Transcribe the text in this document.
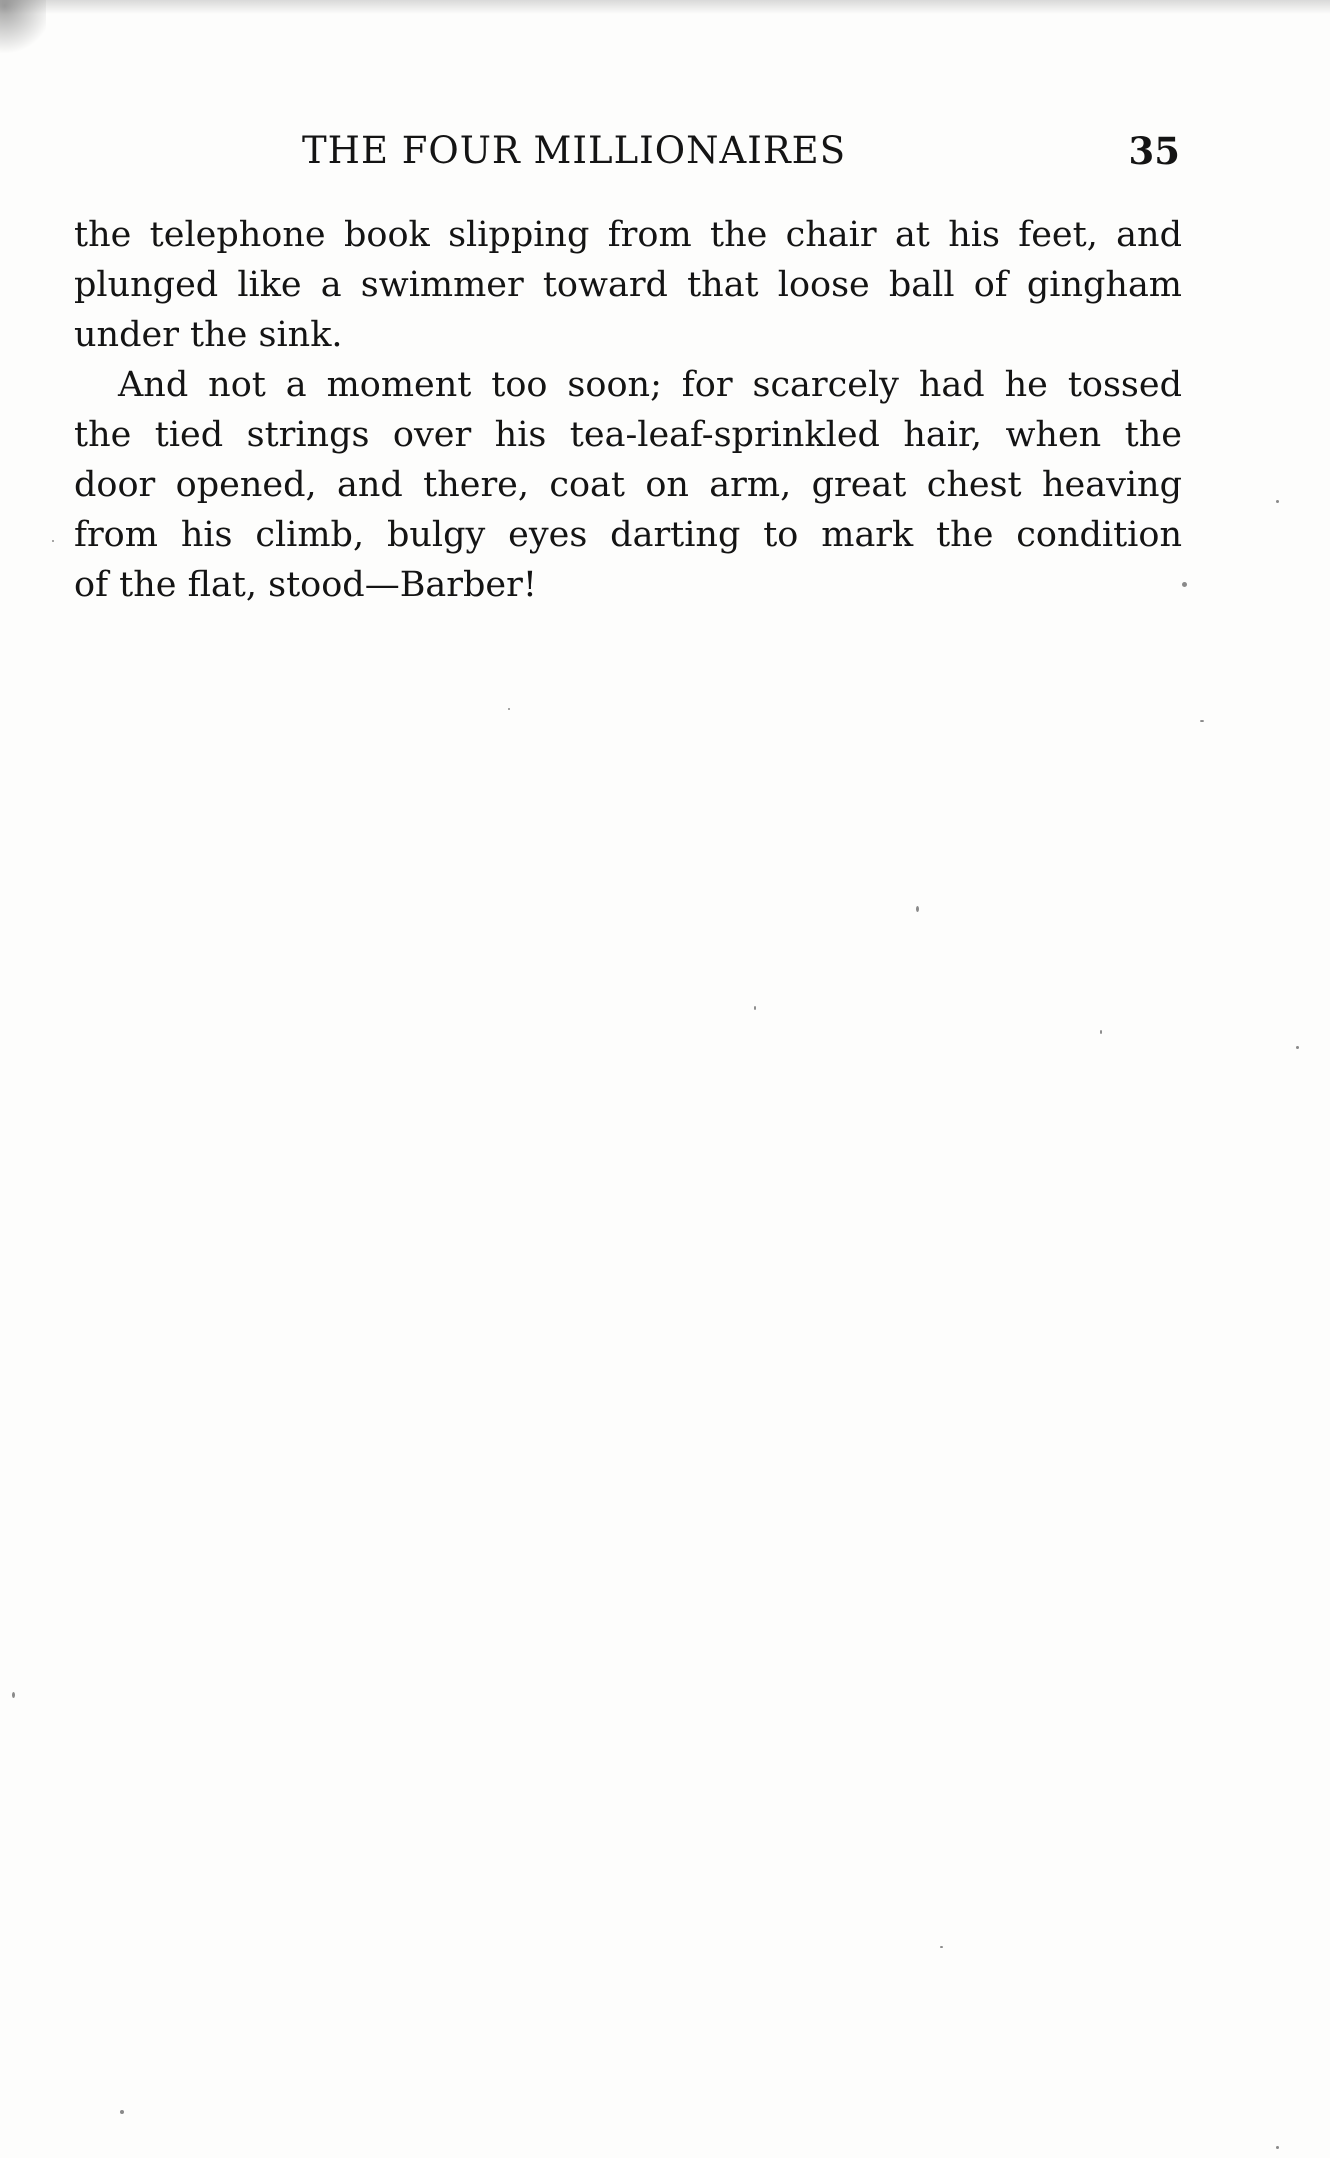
THE FOUR MILLIONAIRES	35
the telephone book slipping from the chair at his feet, and
plunged like a swimmer toward that loose ball of gingham
under the sink.
And not a moment too soon; for scarcely had he tossed
the tied strings over his tea-leaf-sprinkled hair, when the
door opened, and there, coat on arm, great chest heaving
from his climb, bulgy eyes darting to mark the condition
of the flat, stood—Barber!
